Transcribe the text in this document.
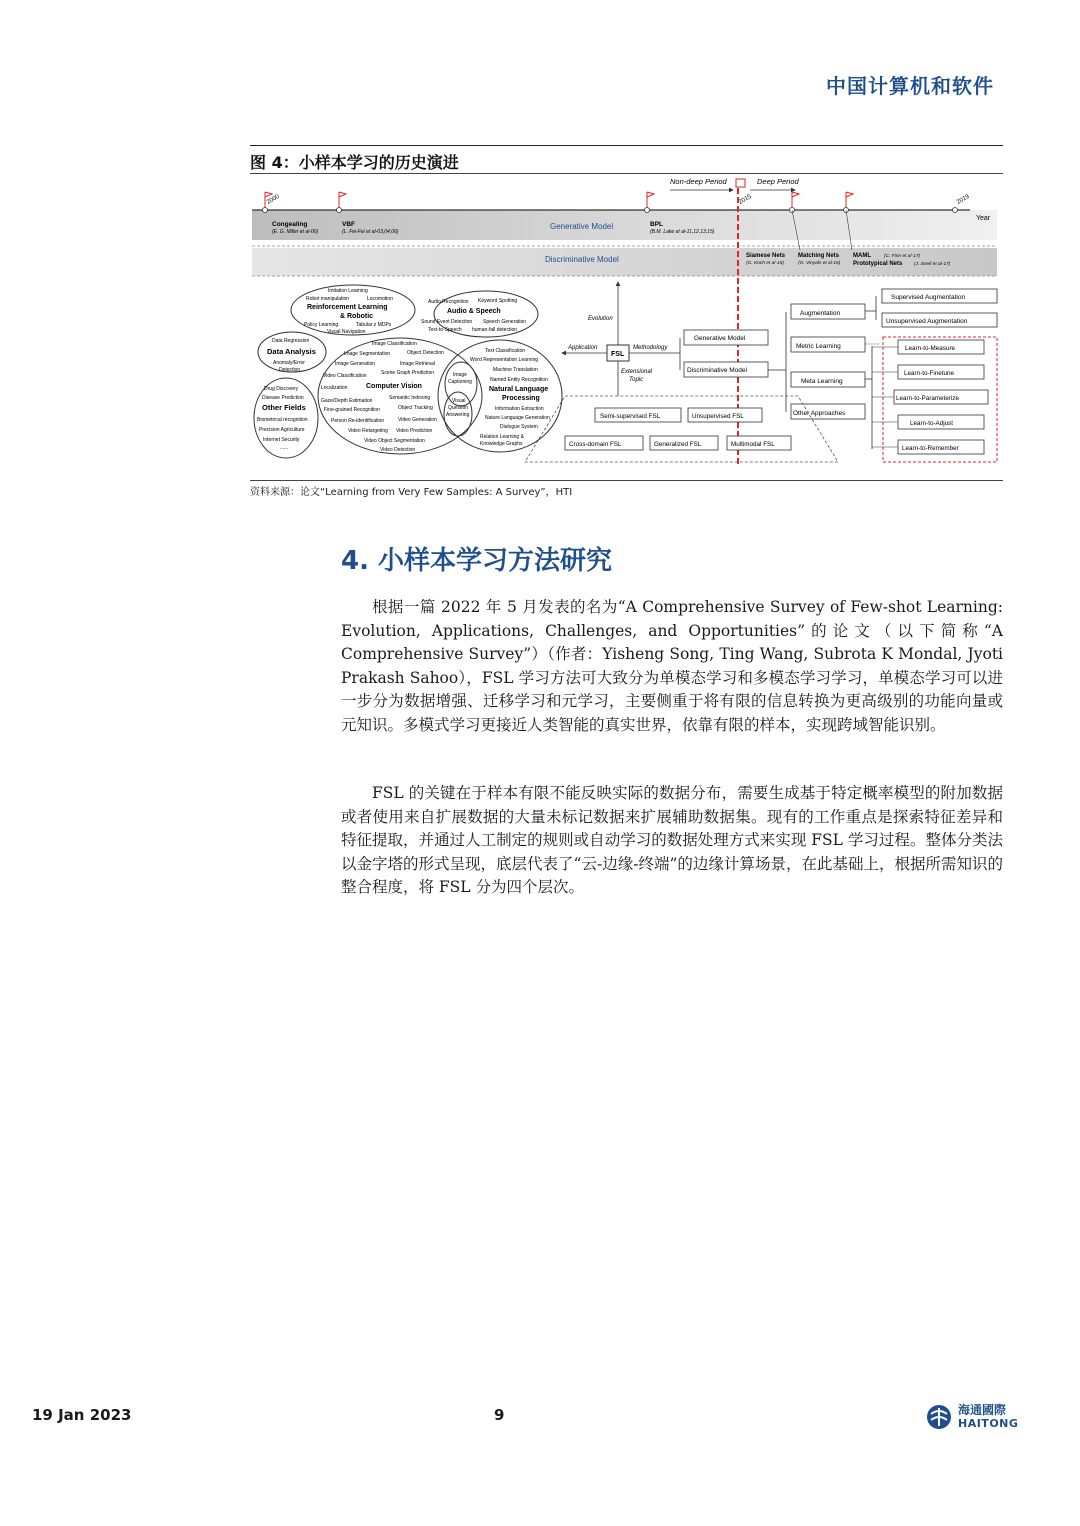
中国计算机和软件
图 4：小样本学习的历史演进
Non-deep Period	Deep Period
Generative Model
Year
2000	2015	2019
Congealing
(E. G. Miller et al-00)
VBF
(L. Fei-Fei et al-03,04,06)
BPL
(B.M. Lake et al-11,12,13,15)
Discriminative Model	Siamese Nets
(G. Koch et al-15)
Matching Nets
(O. Vinyals et al-16)
MAML	(C. Finn et al-17)
Prototypical Nets (J. Snell et al-17)
FSL
Evolution
Application	Methodology
Extensional
Topic
Generative Model
Discriminative Model
Augmentation
Metric Learning
Meta Learning
Other Approaches
Supervised Augmentation
Unsupervised Augmentation
Learn-to-Measure
Learn-to-Finetune
Learn-to-Parameterize
Learn-to-Adjust
Learn-to-Remember
Semi-supervised FSL	Unsupervised FSL
Cross-domain FSL	Generalized FSL	Multimodal FSL
Imitation Learning
Robot manipulation	Locomotion
Reinforcement Learning
& Robotic
Policy Learning	Tabular z MDPs
Visual Navigation
Audio Recognition Keyword Spotting
Audio & Speech
Sound Event Detection Speech Generation
Text-to-Speech human-fall detection
Data Regression
Data Analysis
Anomaly/Error
Detection
Image Classification
Image Segmentation	Object Detection
Image Generation	Image Retrieval
Video Classification	Scene Graph Prediction
Localization	Computer Vision
Gaze/Depth Estimation	Semantic Indexing
Fine-grained Recognition	Object Tracking
Person Re-identification	Video Generation
Video Retargeting Video Prediction
Video Object Segmentation
Video Detection
Image
Captioning
Visual
Question
Answering
Text Classification
Word Representation Learning
Machine Translation
Named Entity Recognition
Natural Language
Processing
Information Extraction
Nature Language Generation
Dialogue System
Relation Learning &
Knowledge Graphs
Drug Discovery
Disease Prediction
Other Fields
Biometrical recognition
Precision Agriculture
Internet Security
......
资料来源：论文“Learning from Very Few Samples: A Survey”，HTI
4. 小样本学习方法研究
根据一篇 2022 年 5 月发表的名为“A Comprehensive Survey of Few-shot Learning: Evolution, Applications, Challenges, and Opportunities”的论文（以下简称“A Comprehensive Survey”）（作者：Yisheng Song, Ting Wang, Subrota K Mondal, Jyoti Prakash Sahoo），FSL 学习方法可大致分为单模态学习和多模态学习学习，单模态学习可以进一步分为数据增强、迁移学习和元学习，主要侧重于将有限的信息转换为更高级别的功能向量或元知识。多模式学习更接近人类智能的真实世界，依靠有限的样本，实现跨域智能识别。
FSL 的关键在于样本有限不能反映实际的数据分布，需要生成基于特定概率模型的附加数据或者使用来自扩展数据的大量未标记数据来扩展辅助数据集。现有的工作重点是探索特征差异和特征提取，并通过人工制定的规则或自动学习的数据处理方式来实现 FSL 学习过程。整体分类法以金字塔的形式呈现，底层代表了“云-边缘-终端”的边缘计算场景，在此基础上，根据所需知识的整合程度，将 FSL 分为四个层次。
19 Jan 2023	9	海通國際
HAITONG
